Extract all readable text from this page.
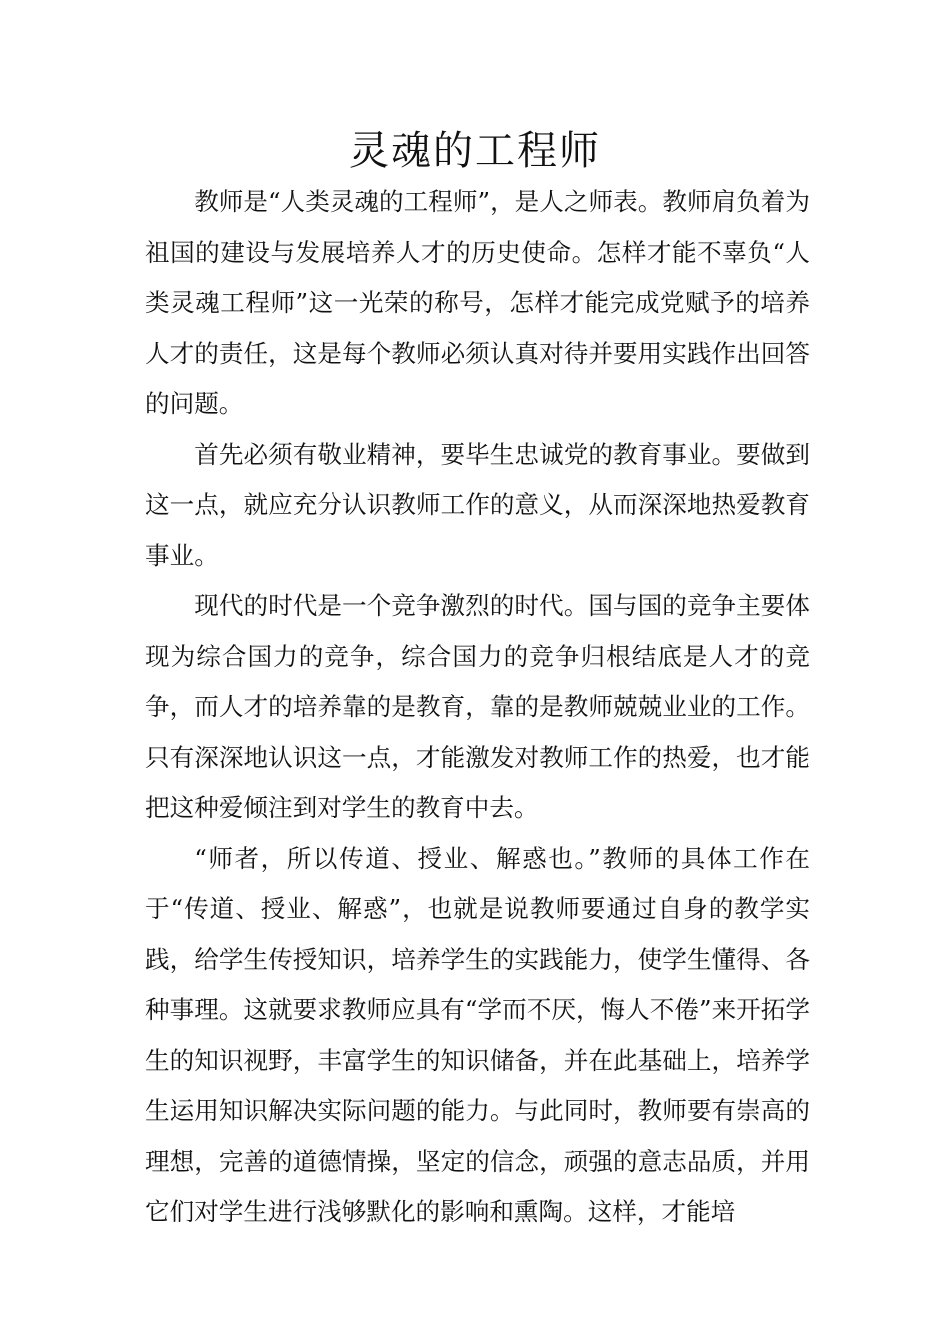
灵魂的工程师

教师是“人类灵魂的工程师”，是人之师表。教师肩负着为祖国的建设与发展培养人才的历史使命。怎样才能不辜负“人类灵魂工程师”这一光荣的称号，怎样才能完成党赋予的培养人才的责任，这是每个教师必须认真对待并要用实践作出回答的问题。

首先必须有敬业精神，要毕生忠诚党的教育事业。要做到这一点，就应充分认识教师工作的意义，从而深深地热爱教育事业。

现代的时代是一个竞争激烈的时代。国与国的竞争主要体现为综合国力的竞争，综合国力的竞争归根结底是人才的竞争，而人才的培养靠的是教育，靠的是教师兢兢业业的工作。只有深深地认识这一点，才能激发对教师工作的热爱，也才能把这种爱倾注到对学生的教育中去。

“师者，所以传道、授业、解惑也。”教师的具体工作在于“传道、授业、解惑”，也就是说教师要通过自身的教学实践，给学生传授知识，培养学生的实践能力，使学生懂得、各种事理。这就要求教师应具有“学而不厌，悔人不倦”来开拓学生的知识视野，丰富学生的知识储备，并在此基础上，培养学生运用知识解决实际问题的能力。与此同时，教师要有崇高的理想，完善的道德情操，坚定的信念，顽强的意志品质，并用它们对学生进行浅够默化的影响和熏陶。这样，才能培
